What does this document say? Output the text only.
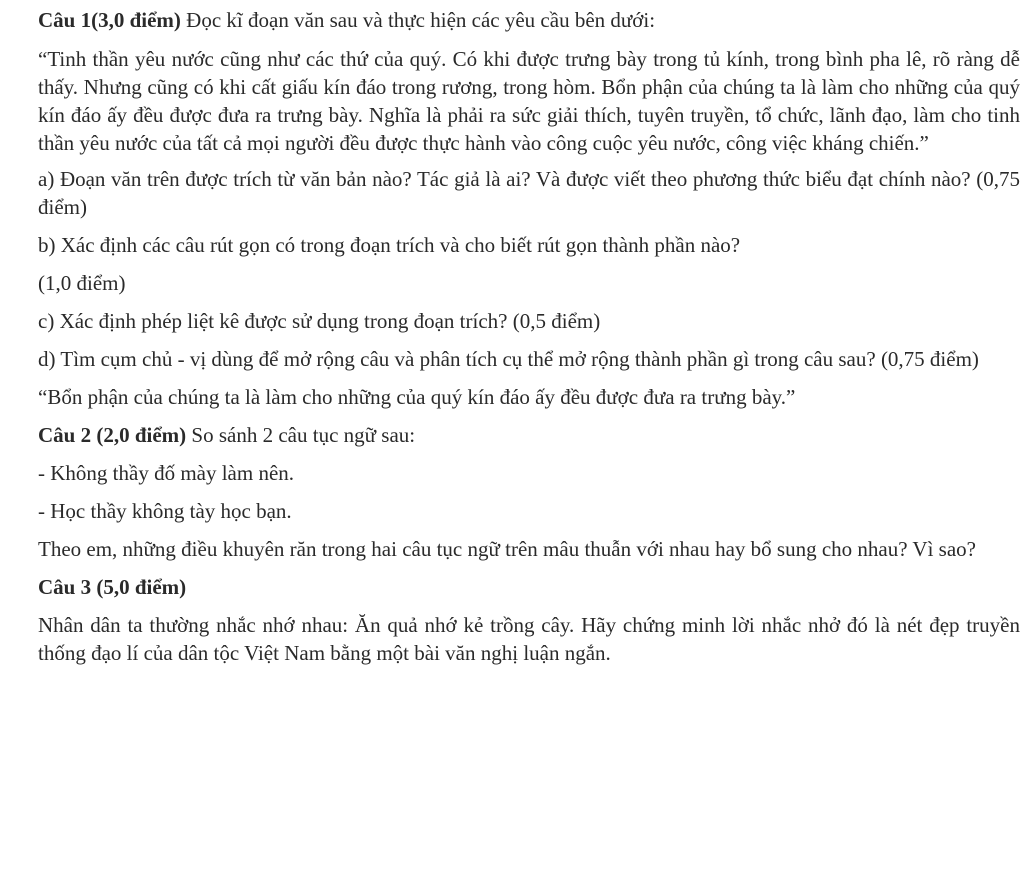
Câu 1(3,0 điểm) Đọc kĩ đoạn văn sau và thực hiện các yêu cầu bên dưới:

“Tinh thần yêu nước cũng như các thứ của quý. Có khi được trưng bày trong tủ kính, trong bình pha lê, rõ ràng dễ thấy. Nhưng cũng có khi cất giấu kín đáo trong rương, trong hòm. Bổn phận của chúng ta là làm cho những của quý kín đáo ấy đều được đưa ra trưng bày. Nghĩa là phải ra sức giải thích, tuyên truyền, tổ chức, lãnh đạo, làm cho tinh thần yêu nước của tất cả mọi người đều được thực hành vào công cuộc yêu nước, công việc kháng chiến.”

a) Đoạn văn trên được trích từ văn bản nào? Tác giả là ai? Và được viết theo phương thức biểu đạt chính nào? (0,75 điểm)

b) Xác định các câu rút gọn có trong đoạn trích và cho biết rút gọn thành phần nào?

(1,0 điểm)

c) Xác định phép liệt kê được sử dụng trong đoạn trích? (0,5 điểm)

d) Tìm cụm chủ - vị dùng để mở rộng câu và phân tích cụ thể mở rộng thành phần gì trong câu sau? (0,75 điểm)

“Bổn phận của chúng ta là làm cho những của quý kín đáo ấy đều được đưa ra trưng bày.”

Câu 2 (2,0 điểm) So sánh 2 câu tục ngữ sau:

- Không thầy đố mày làm nên.

- Học thầy không tày học bạn.

Theo em, những điều khuyên răn trong hai câu tục ngữ trên mâu thuẫn với nhau hay bổ sung cho nhau? Vì sao?

Câu 3 (5,0 điểm)

Nhân dân ta thường nhắc nhớ nhau: Ăn quả nhớ kẻ trồng cây. Hãy chứng minh lời nhắc nhở đó là nét đẹp truyền thống đạo lí của dân tộc Việt Nam bằng một bài văn nghị luận ngắn.
